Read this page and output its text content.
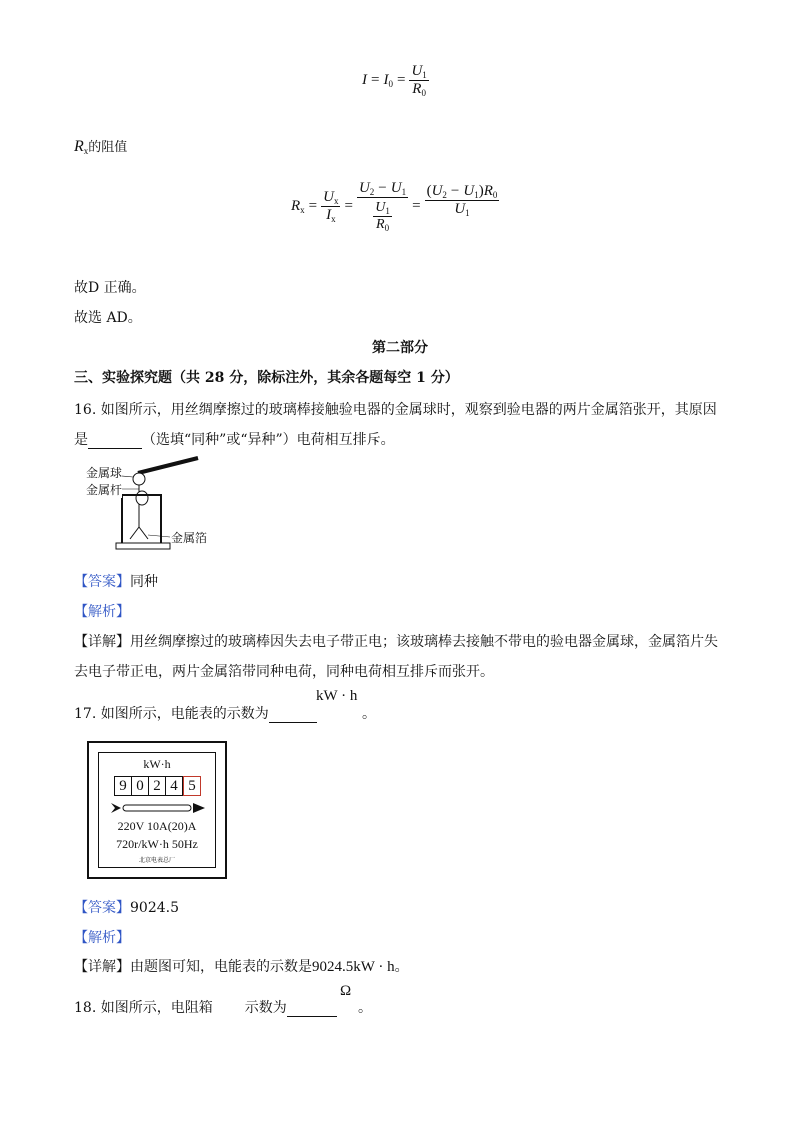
$I = I_0 = \frac{U_1}{R_0}$
$R_x$的阻值
$R_x = \frac{U_x}{I_x} = \frac{U_2 - U_1}{\frac{U_1}{R_0}} = \frac{(U_2 - U_1)R_0}{U_1}$
故D 正确。
故选 AD。
第二部分
三、实验探究题（共 28 分，除标注外，其余各题每空 1 分）
16. 如图所示，用丝绸摩擦过的玻璃棒接触验电器的金属球时，观察到验电器的两片金属箔张开，其原因
是	（选填“同种”或“异种”）电荷相互排斥。
金属球
金属杆
金属箔
【答案】同种
【解析】
【详解】用丝绸摩擦过的玻璃棒因失去电子带正电；该玻璃棒去接触不带电的验电器金属球，金属箔片失
去电子带正电，两片金属箔带同种电荷，同种电荷相互排斥而张开。
17. 如图所示，电能表的示数为
kW · h
。
kW·h
9 0 2 4 5
220V 10A(20)A
720r/kW·h 50Hz
北京电表总厂
【答案】9024.5
【解析】
【详解】由题图可知，电能表的示数是9024.5kW · h。
18. 如图所示，电阻箱 示数为
Ω
。
